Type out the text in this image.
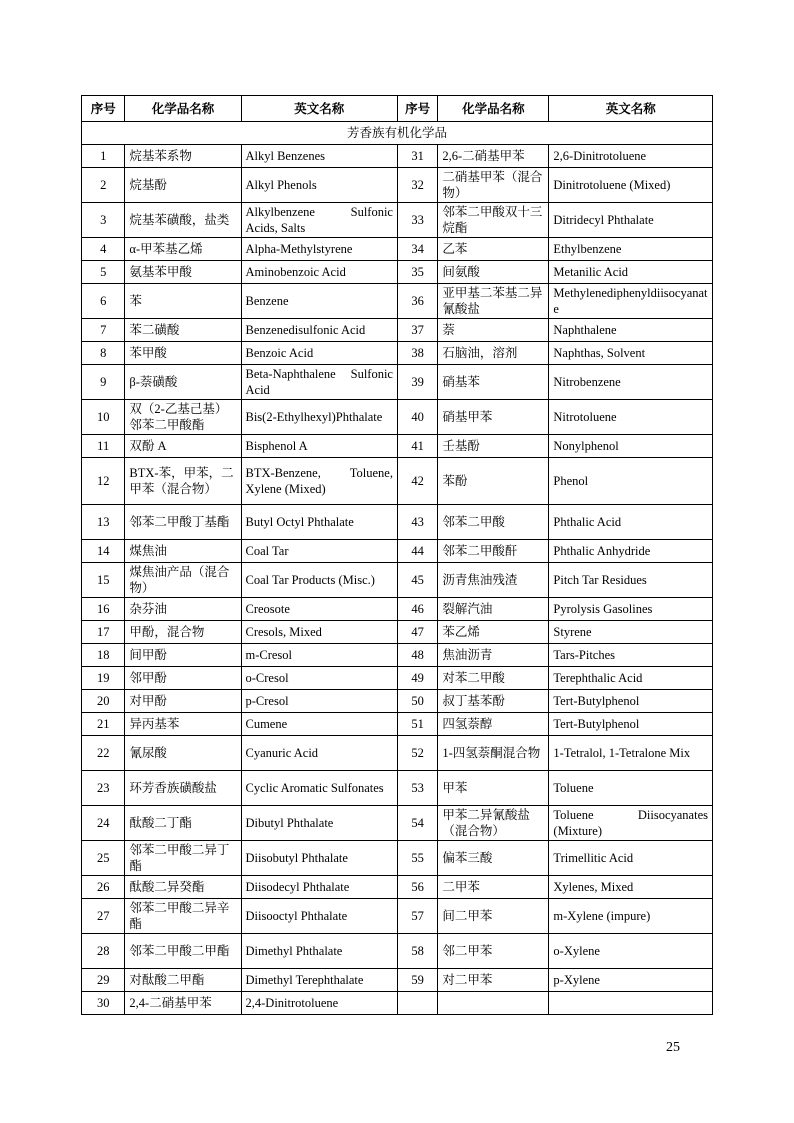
序号	化学品名称	英文名称	序号	化学品名称	英文名称
芳香族有机化学品					
1	烷基苯系物	Alkyl Benzenes	31	2,6-二硝基甲苯	2,6-Dinitrotoluene
2	烷基酚	Alkyl Phenols	32	二硝基甲苯（混合物）	Dinitrotoluene (Mixed)
3	烷基苯磺酸，盐类	Alkylbenzene Sulfonic Acids, Salts	33	邻苯二甲酸双十三烷酯	Ditridecyl Phthalate
4	α-甲苯基乙烯	Alpha-Methylstyrene	34	乙苯	Ethylbenzene
5	氨基苯甲酸	Aminobenzoic Acid	35	间氨酸	Metanilic Acid
6	苯	Benzene	36	亚甲基二苯基二异氰酸盐	Methylenediphenyldiisocyanate
7	苯二磺酸	Benzenedisulfonic Acid	37	萘	Naphthalene
8	苯甲酸	Benzoic Acid	38	石脑油，溶剂	Naphthas, Solvent
9	β-萘磺酸	Beta-Naphthalene Sulfonic Acid	39	硝基苯	Nitrobenzene
10	双（2-乙基己基）邻苯二甲酸酯	Bis(2-Ethylhexyl)Phthalate	40	硝基甲苯	Nitrotoluene
11	双酚 A	Bisphenol A	41	壬基酚	Nonylphenol
12	BTX-苯，甲苯，二甲苯（混合物）	BTX-Benzene, Toluene, Xylene (Mixed)	42	苯酚	Phenol
13	邻苯二甲酸丁基酯	Butyl Octyl Phthalate	43	邻苯二甲酸	Phthalic Acid
14	煤焦油	Coal Tar	44	邻苯二甲酸酐	Phthalic Anhydride
15	煤焦油产品（混合物）	Coal Tar Products (Misc.)	45	沥青焦油残渣	Pitch Tar Residues
16	杂芬油	Creosote	46	裂解汽油	Pyrolysis Gasolines
17	甲酚，混合物	Cresols, Mixed	47	苯乙烯	Styrene
18	间甲酚	m-Cresol	48	焦油沥青	Tars-Pitches
19	邻甲酚	o-Cresol	49	对苯二甲酸	Terephthalic Acid
20	对甲酚	p-Cresol	50	叔丁基苯酚	Tert-Butylphenol
21	异丙基苯	Cumene	51	四氢萘醇	Tert-Butylphenol
22	氰尿酸	Cyanuric Acid	52	1-四氢萘酮混合物	1-Tetralol, 1-Tetralone Mix
23	环芳香族磺酸盐	Cyclic Aromatic Sulfonates	53	甲苯	Toluene
24	酞酸二丁酯	Dibutyl Phthalate	54	甲苯二异氰酸盐（混合物）	Toluene Diisocyanates (Mixture)
25	邻苯二甲酸二异丁酯	Diisobutyl Phthalate	55	偏苯三酸	Trimellitic Acid
26	酞酸二异癸酯	Diisodecyl Phthalate	56	二甲苯	Xylenes, Mixed
27	邻苯二甲酸二异辛酯	Diisooctyl Phthalate	57	间二甲苯	m-Xylene (impure)
28	邻苯二甲酸二甲酯	Dimethyl Phthalate	58	邻二甲苯	o-Xylene
29	对酞酸二甲酯	Dimethyl Terephthalate	59	对二甲苯	p-Xylene
30	2,4-二硝基甲苯	2,4-Dinitrotoluene			
25
